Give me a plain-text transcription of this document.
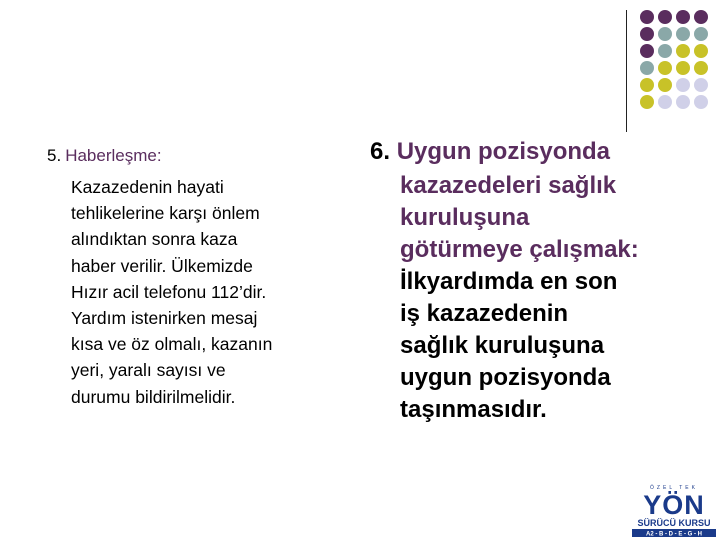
5. Haberleşme:
Kazazedenin hayati
tehlikelerine karşı önlem
alındıktan sonra kaza
haber verilir. Ülkemizde
Hızır acil telefonu 112’dir.
Yardım istenirken mesaj
kısa ve öz olmalı, kazanın
yeri, yaralı sayısı ve
durumu bildirilmelidir.
6. Uygun pozisyonda
kazazedeleri sağlık
kuruluşuna
götürmeye çalışmak:
İlkyardımda en son
iş kazazedenin
sağlık kuruluşuna
uygun pozisyonda
taşınmasıdır.
ÖZEL TEK
YÖN
SÜRÜCÜ KURSU
A2 - B - D - E - G - H
